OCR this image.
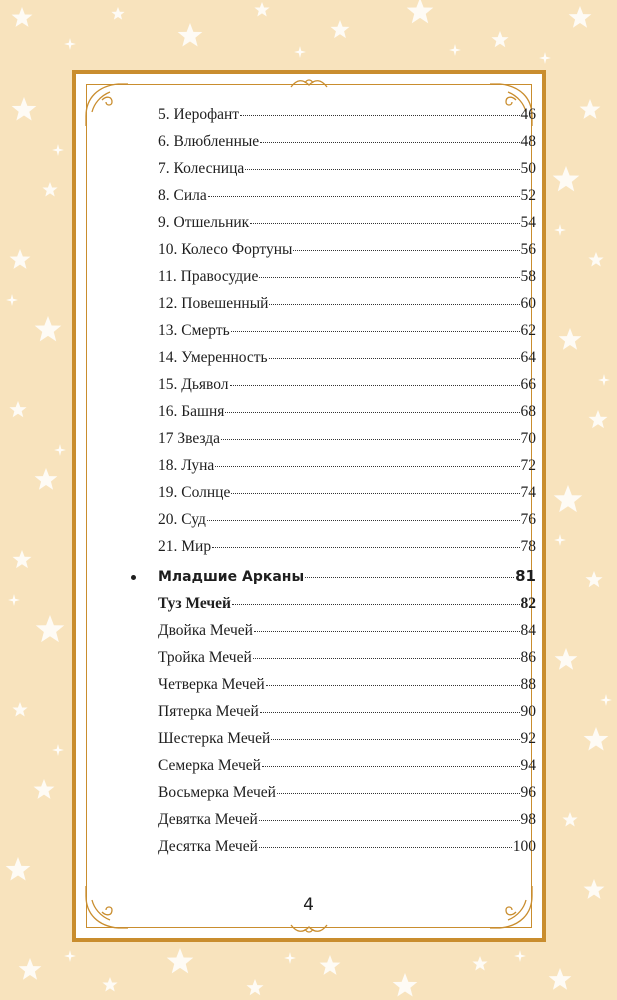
5. Иерофант	46
6. Влюбленные	48
7. Колесница	50
8. Сила	52
9. Отшельник	54
10. Колесо Фортуны	56
11. Правосудие	58
12. Повешенный	60
13. Смерть	62
14. Умеренность	64
15. Дьявол	66
16. Башня	68
17 Звезда	70
18. Луна	72
19. Солнце	74
20. Суд	76
21. Мир	78
Младшие Арканы	81
Туз Мечей	82
Двойка Мечей	84
Тройка Мечей	86
Четверка Мечей	88
Пятерка Мечей	90
Шестерка Мечей	92
Семерка Мечей	94
Восьмерка Мечей	96
Девятка Мечей	98
Десятка Мечей	100
4
